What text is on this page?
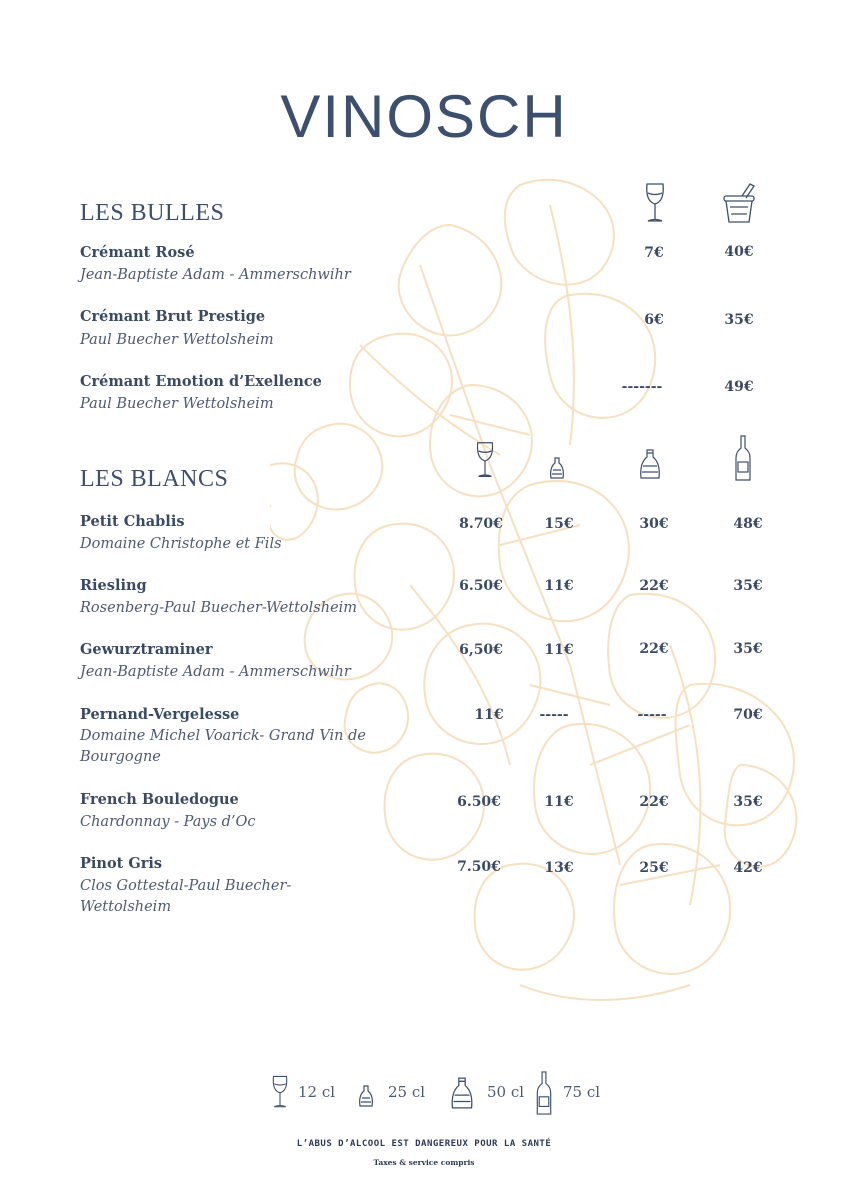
VINOSCH
LES BULLES
Crémant Rosé
Jean-Baptiste Adam - Ammerschwihr
7€	40€
Crémant Brut Prestige
Paul Buecher Wettolsheim
6€	35€
Crémant Emotion d’Exellence
Paul Buecher Wettolsheim
-------	49€
LES BLANCS
Petit Chablis
Domaine Christophe et Fils
8.70€	15€	30€	48€
Riesling
Rosenberg-Paul Buecher-Wettolsheim
6.50€	11€	22€	35€
Gewurztraminer
Jean-Baptiste Adam - Ammerschwihr
6,50€	11€	22€	35€
Pernand-Vergelesse
Domaine Michel Voarick- Grand Vin de Bourgogne
11€	-----	-----	70€
French Bouledogue
Chardonnay - Pays d’Oc
6.50€	11€	22€	35€
Pinot Gris
Clos Gottestal-Paul Buecher-Wettolsheim
7.50€	13€	25€	42€
12 cl	25 cl	50 cl	75 cl
L’ABUS D’ALCOOL EST DANGEREUX POUR LA SANTÉ
Taxes & service compris
